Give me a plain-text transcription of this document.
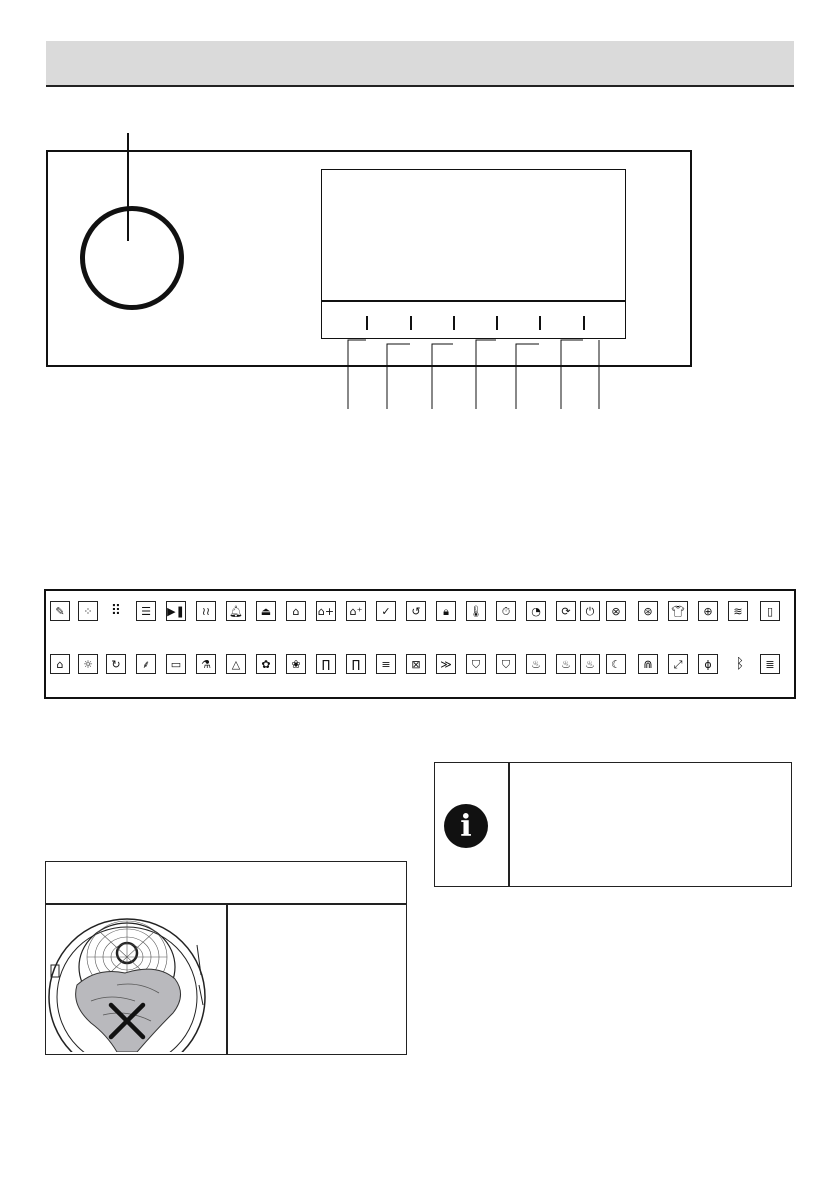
✎	⁘	⠿	☰	▶❚	≀≀	🔔︎	⏏	⌂	⌂+	⌂⁺	✓	↺	🔒︎	🌡︎	⏱︎	◔	⟳	⏻	⊗	⊛	👕︎	⊕	≋	▯
⌂	☼	↻	⸙	▭	⚗	△	✿	❀	∏	∏	≡	⊠	≫	⛉	⛉	♨	♨	♨	☾	⋒	⤢	ɸ	ᛒ	≣
i
